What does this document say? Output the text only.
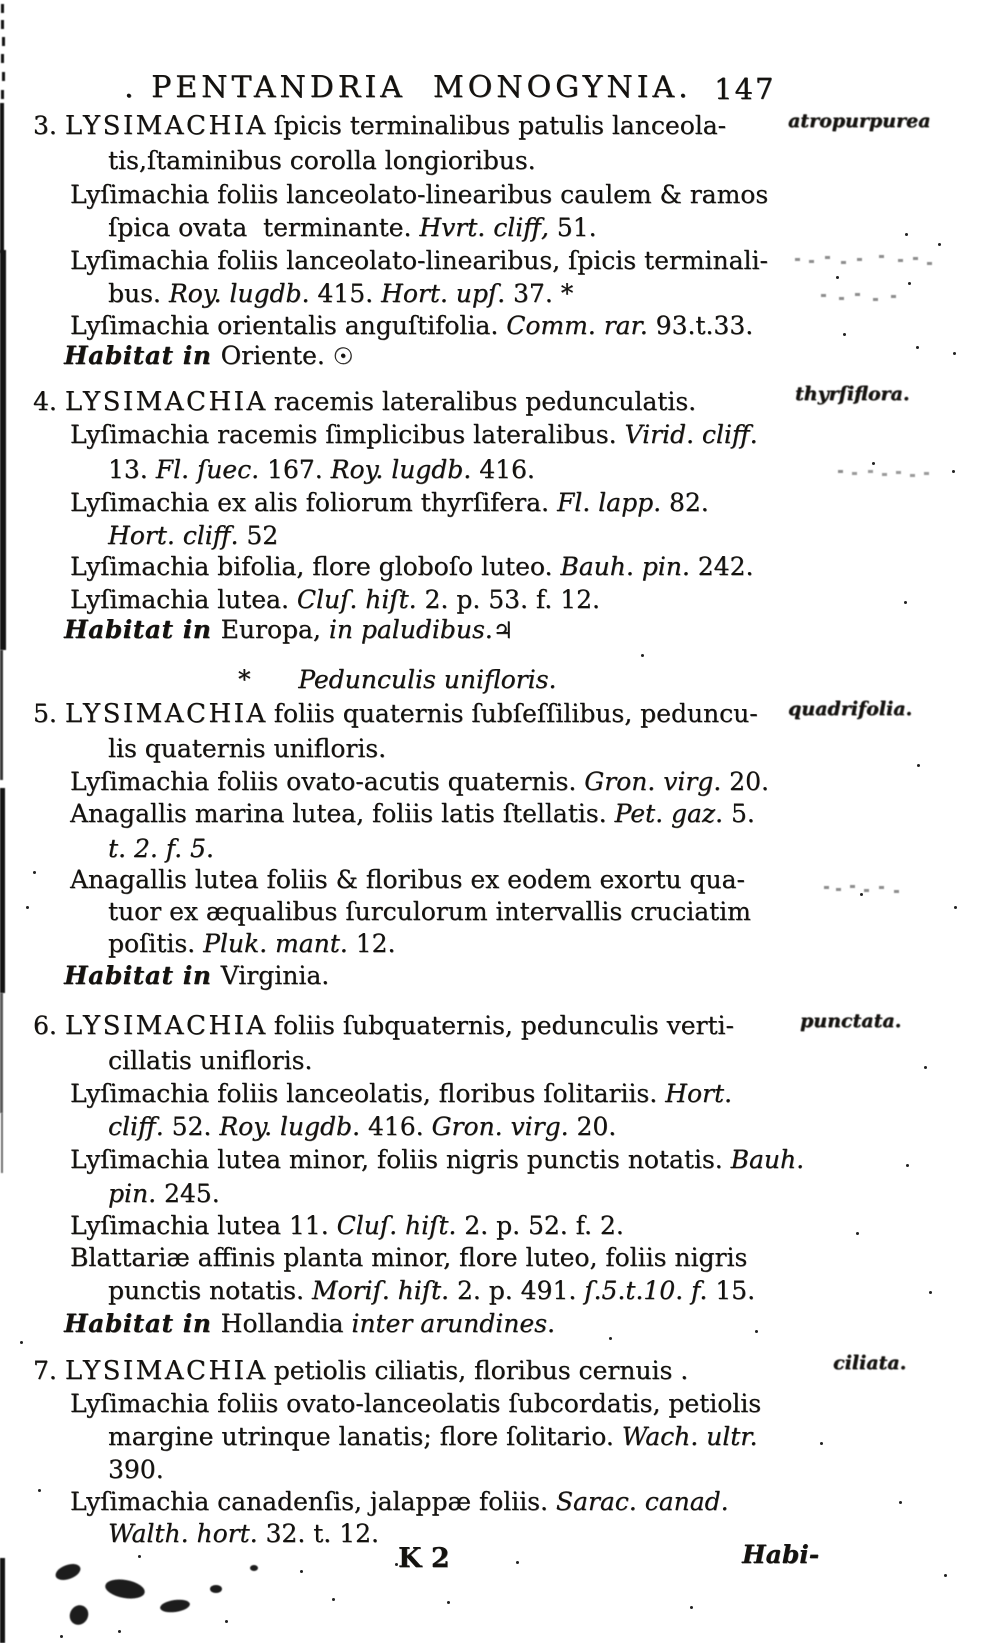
. PENTANDRIA  MONOGYNIA. 147
3. LYSIMACHIA ſpicis terminalibus patulis lanceola-
tis,ſtaminibus corolla longioribus.
Lyſimachia foliis lanceolato-linearibus caulem & ramos
ſpica ovata  terminante. Hvrt. cliff, 51.
Lyſimachia foliis lanceolato-linearibus, ſpicis terminali-
bus. Roy. lugdb. 415. Hort. upſ. 37. *
Lyſimachia orientalis anguſtifolia. Comm. rar. 93.t.33.
Habitat in Oriente. ☉
4. LYSIMACHIA racemis lateralibus pedunculatis.
Lyſimachia racemis ſimplicibus lateralibus. Virid. cliff.
13. Fl. ſuec. 167. Roy. lugdb. 416.
Lyſimachia ex alis foliorum thyrſifera. Fl. lapp. 82.
Hort. cliff. 52
Lyſimachia bifolia, flore globoſo luteo. Bauh. pin. 242.
Lyſimachia lutea. Cluſ. hiſt. 2. p. 53. f. 12.
Habitat in Europa, in paludibus.♃
*      Pedunculis unifloris.
5. LYSIMACHIA foliis quaternis ſubſeſſilibus, peduncu-
lis quaternis unifloris.
Lyſimachia foliis ovato-acutis quaternis. Gron. virg. 20.
Anagallis marina lutea, foliis latis ſtellatis. Pet. gaz. 5.
t. 2. f. 5.
Anagallis lutea foliis & floribus ex eodem exortu qua-
tuor ex æqualibus ſurculorum intervallis cruciatim
poſitis. Pluk. mant. 12.
Habitat in Virginia.
6. LYSIMACHIA foliis ſubquaternis, pedunculis verti-
cillatis unifloris.
Lyſimachia foliis lanceolatis, floribus ſolitariis. Hort.
cliff. 52. Roy. lugdb. 416. Gron. virg. 20.
Lyſimachia lutea minor, foliis nigris punctis notatis. Bauh.
pin. 245.
Lyſimachia lutea 11. Cluſ. hiſt. 2. p. 52. f. 2.
Blattariæ affinis planta minor, flore luteo, foliis nigris
punctis notatis. Moriſ. hiſt. 2. p. 491. ſ.5.t.10. f. 15.
Habitat in Hollandia inter arundines.
7. LYSIMACHIA petiolis ciliatis, floribus cernuis .
Lyſimachia foliis ovato-lanceolatis ſubcordatis, petiolis
margine utrinque lanatis; flore ſolitario. Wach. ultr.
390.
Lyſimachia canadenſis, jalappæ foliis. Sarac. canad.
Walth. hort. 32. t. 12.
atropurpurea
thyrſiflora.
quadrifolia.
punctata.
ciliata.
K 2	Habi-
